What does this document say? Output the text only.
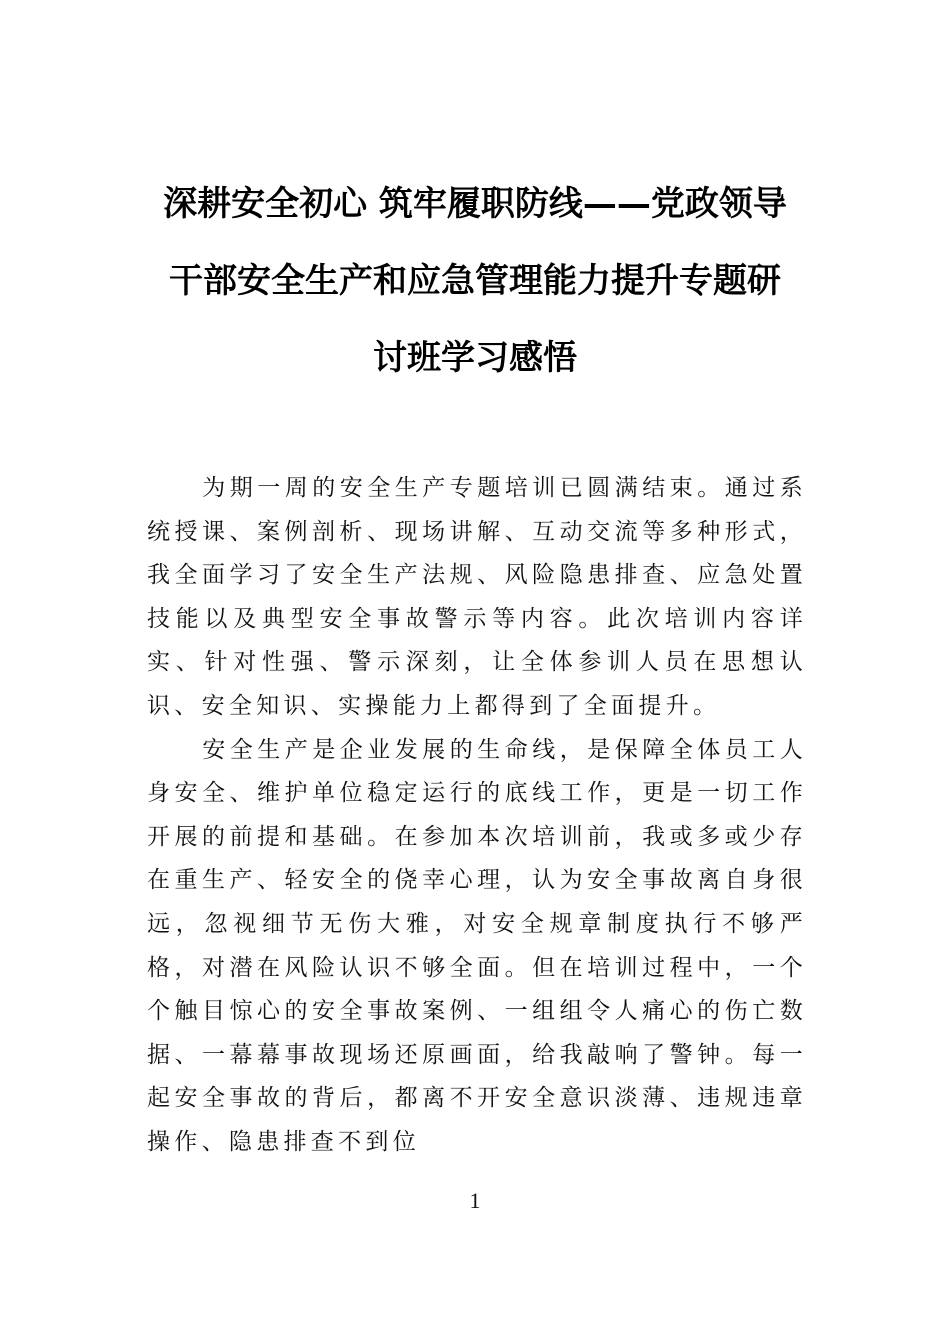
深耕安全初心 筑牢履职防线——党政领导
干部安全生产和应急管理能力提升专题研
讨班学习感悟

为期一周的安全生产专题培训已圆满结束。通过系统授课、案例剖析、现场讲解、互动交流等多种形式，我全面学习了安全生产法规、风险隐患排查、应急处置技能以及典型安全事故警示等内容。此次培训内容详实、针对性强、警示深刻，让全体参训人员在思想认识、安全知识、实操能力上都得到了全面提升。

安全生产是企业发展的生命线，是保障全体员工人身安全、维护单位稳定运行的底线工作，更是一切工作开展的前提和基础。在参加本次培训前，我或多或少存在重生产、轻安全的侥幸心理，认为安全事故离自身很远，忽视细节无伤大雅，对安全规章制度执行不够严格，对潜在风险认识不够全面。但在培训过程中，一个个触目惊心的安全事故案例、一组组令人痛心的伤亡数据、一幕幕事故现场还原画面，给我敲响了警钟。每一起安全事故的背后，都离不开安全意识淡薄、违规违章操作、隐患排查不到位

1
